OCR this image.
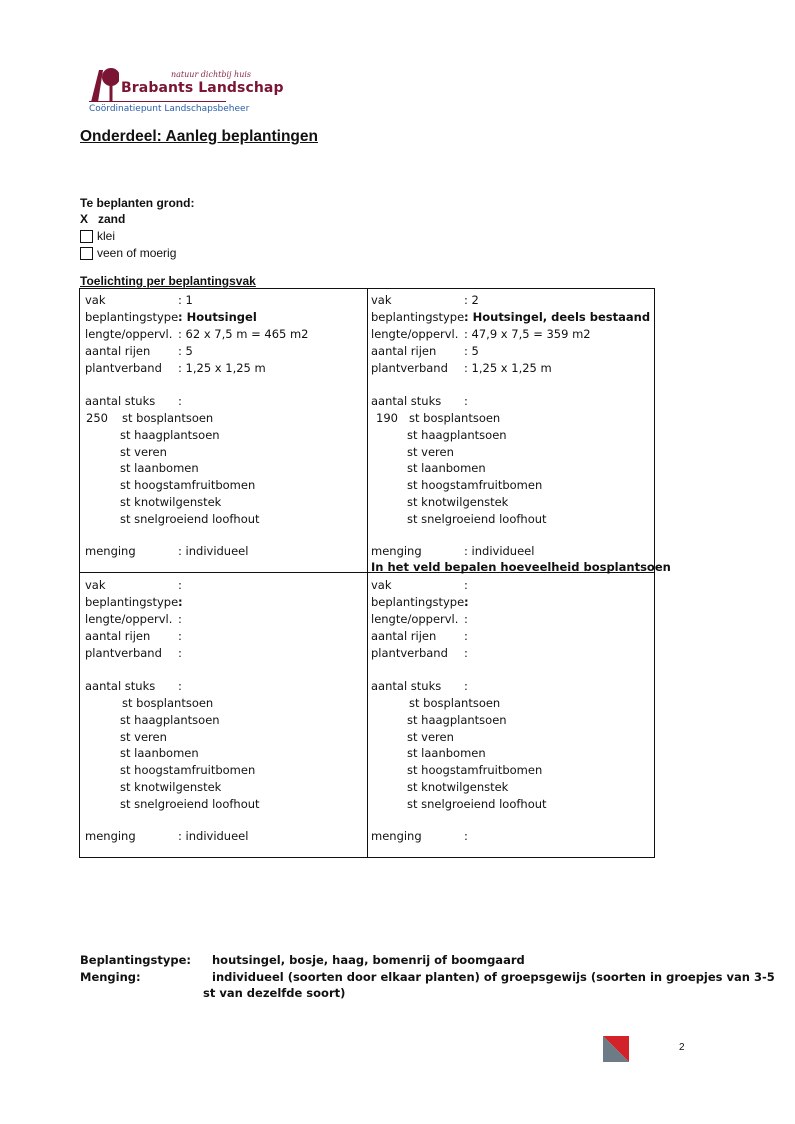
natuur dichtbij huis
Brabants Landschap
Coördinatiepunt Landschapsbeheer
Onderdeel: Aanleg beplantingen
Te beplanten grond:
X zand
klei
veen of moerig
Toelichting per beplantingsvak
vak	: 1
beplantingstype : Houtsingel
lengte/oppervl. : 62 x 7,5 m = 465 m2
aantal rijen : 5
plantverband : 1,25 x 1,25 m
aantal stuks :
250 st bosplantsoen
st haagplantsoen
st veren
st laanbomen
st hoogstamfruitbomen
st knotwilgenstek
st snelgroeiend loofhout
menging	: individueel
vak	: 2
beplantingstype : Houtsingel, deels bestaand
lengte/oppervl. : 47,9 x 7,5 = 359 m2
aantal rijen : 5
plantverband : 1,25 x 1,25 m
aantal stuks :
190 st bosplantsoen
st haagplantsoen
st veren
st laanbomen
st hoogstamfruitbomen
st knotwilgenstek
st snelgroeiend loofhout
menging	: individueel
In het veld bepalen hoeveelheid bosplantsoen
vak	:
beplantingstype :
lengte/oppervl. :
aantal rijen :
plantverband :
aantal stuks :
st bosplantsoen
st haagplantsoen
st veren
st laanbomen
st hoogstamfruitbomen
st knotwilgenstek
st snelgroeiend loofhout
menging	: individueel
vak	:
beplantingstype :
lengte/oppervl. :
aantal rijen :
plantverband :
aantal stuks :
st bosplantsoen
st haagplantsoen
st veren
st laanbomen
st hoogstamfruitbomen
st knotwilgenstek
st snelgroeiend loofhout
menging	:
Beplantingstype: houtsingel, bosje, haag, bomenrij of boomgaard
Menging:	individueel (soorten door elkaar planten) of groepsgewijs (soorten in groepjes van 3-5
st van dezelfde soort)
2
